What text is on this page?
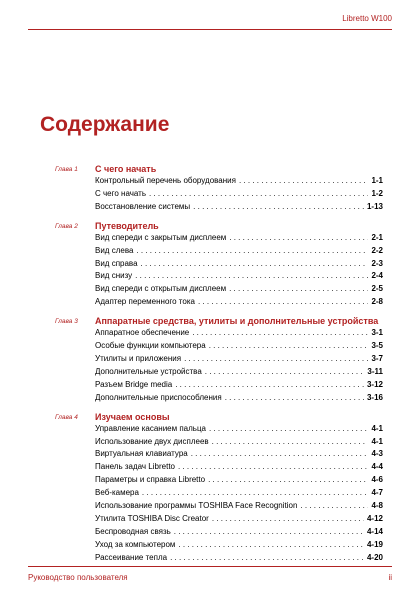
Libretto W100
Содержание
Глава 1	С чего начать
Контрольный перечень оборудования . . .	1-1
С чего начать . . .	1-2
Восстановление системы . . .	1-13
Глава 2	Путеводитель
Вид спереди с закрытым дисплеем . . .	2-1
Вид слева . . .	2-2
Вид справа . . .	2-3
Вид снизу . . .	2-4
Вид спереди с открытым дисплеем . . .	2-5
Адаптер переменного тока . . .	2-8
Глава 3	Аппаратные средства, утилиты и дополнительные устройства
Аппаратное обеспечение . . .	3-1
Особые функции компьютера . . .	3-5
Утилиты и приложения . . .	3-7
Дополнительные устройства . . .	3-11
Разъем Bridge media . . .	3-12
Дополнительные приспособления . . .	3-16
Глава 4	Изучаем основы
Управление касанием пальца . . .	4-1
Использование двух дисплеев . . .	4-1
Виртуальная клавиатура . . .	4-3
Панель задач Libretto . . .	4-4
Параметры и справка Libretto . . .	4-6
Веб-камера . . .	4-7
Использование программы TOSHIBA Face Recognition . . .	4-8
Утилита TOSHIBA Disc Creator . . .	4-12
Беспроводная связь . . .	4-14
Уход за компьютером . . .	4-19
Рассеивание тепла . . .	4-20
Руководство пользователя	ii
